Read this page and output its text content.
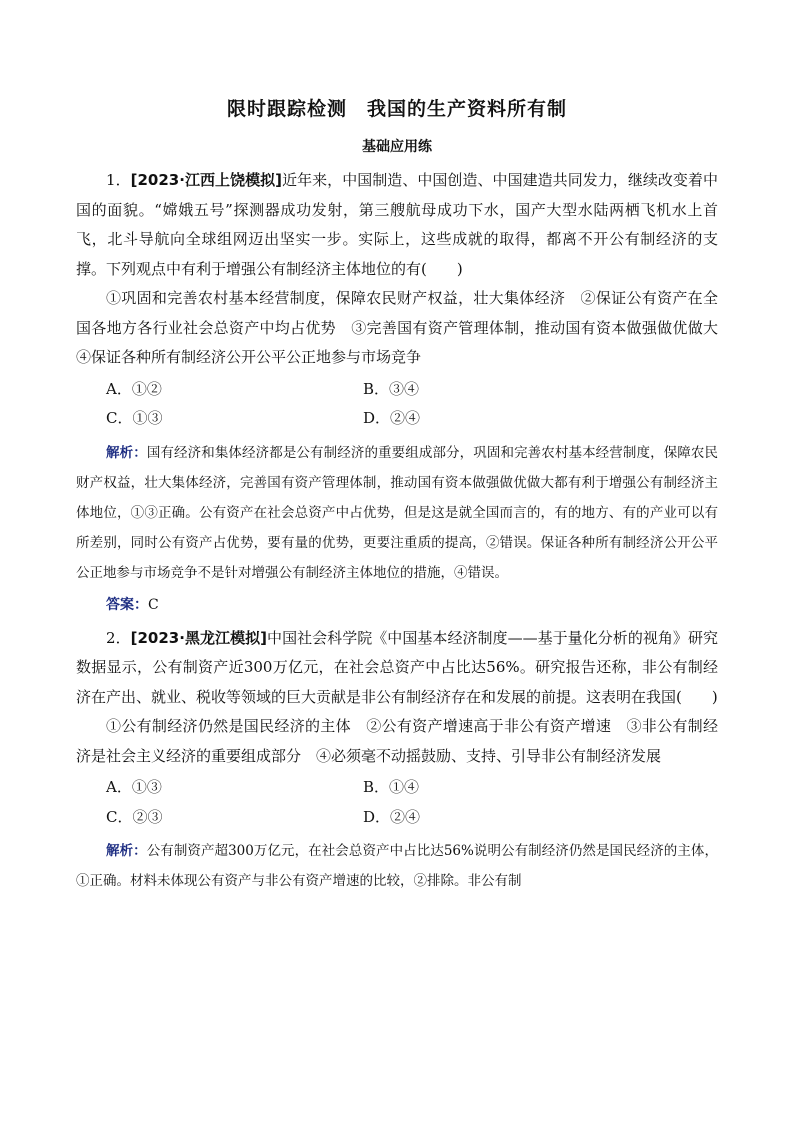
限时跟踪检测　我国的生产资料所有制
基础应用练

1．[2023·江西上饶模拟]近年来，中国制造、中国创造、中国建造共同发力，继续改变着中国的面貌。“嫦娥五号”探测器成功发射，第三艘航母成功下水，国产大型水陆两栖飞机水上首飞，北斗导航向全球组网迈出坚实一步。实际上，这些成就的取得，都离不开公有制经济的支撑。下列观点中有利于增强公有制经济主体地位的有(　　)

①巩固和完善农村基本经营制度，保障农民财产权益，壮大集体经济　②保证公有资产在全国各地方各行业社会总资产中均占优势　③完善国有资产管理体制，推动国有资本做强做优做大　④保证各种所有制经济公开公平公正地参与市场竞争

A．①②	B．③④
C．①③	D．②④

解析：国有经济和集体经济都是公有制经济的重要组成部分，巩固和完善农村基本经营制度，保障农民财产权益，壮大集体经济，完善国有资产管理体制，推动国有资本做强做优做大都有利于增强公有制经济主体地位，①③正确。公有资产在社会总资产中占优势，但是这是就全国而言的，有的地方、有的产业可以有所差别，同时公有资产占优势，要有量的优势，更要注重质的提高，②错误。保证各种所有制经济公开公平公正地参与市场竞争不是针对增强公有制经济主体地位的措施，④错误。

答案：C

2．[2023·黑龙江模拟]中国社会科学院《中国基本经济制度——基于量化分析的视角》研究数据显示，公有制资产近300万亿元，在社会总资产中占比达56%。研究报告还称，非公有制经济在产出、就业、税收等领域的巨大贡献是非公有制经济存在和发展的前提。这表明在我国(　　)

①公有制经济仍然是国民经济的主体　②公有资产增速高于非公有资产增速　③非公有制经济是社会主义经济的重要组成部分　④必须毫不动摇鼓励、支持、引导非公有制经济发展

A．①③	B．①④
C．②③	D．②④

解析：公有制资产超300万亿元，在社会总资产中占比达56%说明公有制经济仍然是国民经济的主体，①正确。材料未体现公有资产与非公有资产增速的比较，②排除。非公有制
